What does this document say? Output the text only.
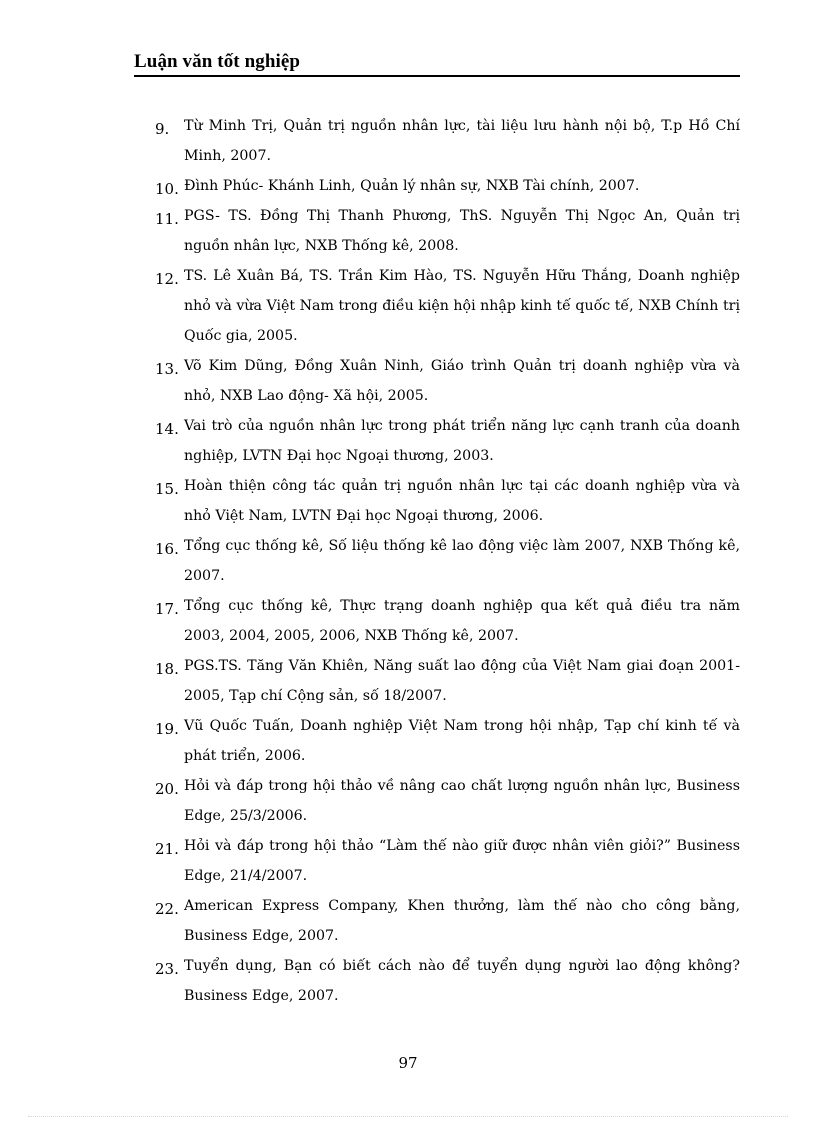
Luận văn tốt nghiệp
9.	Từ Minh Trị, Quản trị nguồn nhân lực, tài liệu lưu hành nội bộ, T.p Hồ Chí Minh, 2007.
10. Đình Phúc- Khánh Linh, Quản lý nhân sự, NXB Tài chính, 2007.
11. PGS- TS. Đồng Thị Thanh Phương, ThS. Nguyễn Thị Ngọc An, Quản trị nguồn nhân lực, NXB Thống kê, 2008.
12. TS. Lê Xuân Bá, TS. Trần Kim Hào, TS. Nguyễn Hữu Thắng, Doanh nghiệp nhỏ và vừa Việt Nam trong điều kiện hội nhập kinh tế quốc tế, NXB Chính trị Quốc gia, 2005.
13. Võ Kim Dũng, Đồng Xuân Ninh, Giáo trình Quản trị doanh nghiệp vừa và nhỏ, NXB Lao động- Xã hội, 2005.
14. Vai trò của nguồn nhân lực trong phát triển năng lực cạnh tranh của doanh nghiệp, LVTN Đại học Ngoại thương, 2003.
15. Hoàn thiện công tác quản trị nguồn nhân lực tại các doanh nghiệp vừa và nhỏ Việt Nam, LVTN Đại học Ngoại thương, 2006.
16. Tổng cục thống kê, Số liệu thống kê lao động việc làm 2007, NXB Thống kê, 2007.
17. Tổng cục thống kê, Thực trạng doanh nghiệp qua kết quả điều tra năm 2003, 2004, 2005, 2006, NXB Thống kê, 2007.
18. PGS.TS. Tăng Văn Khiên, Năng suất lao động của Việt Nam giai đoạn 2001- 2005, Tạp chí Cộng sản, số 18/2007.
19. Vũ Quốc Tuấn, Doanh nghiệp Việt Nam trong hội nhập, Tạp chí kinh tế và phát triển, 2006.
20. Hỏi và đáp trong hội thảo về nâng cao chất lượng nguồn nhân lực, Business Edge, 25/3/2006.
21. Hỏi và đáp trong hội thảo “Làm thế nào giữ được nhân viên giỏi?” Business Edge, 21/4/2007.
22. American Express Company, Khen thưởng, làm thế nào cho công bằng, Business Edge, 2007.
23. Tuyển dụng, Bạn có biết cách nào để tuyển dụng người lao động không? Business Edge, 2007.
97
